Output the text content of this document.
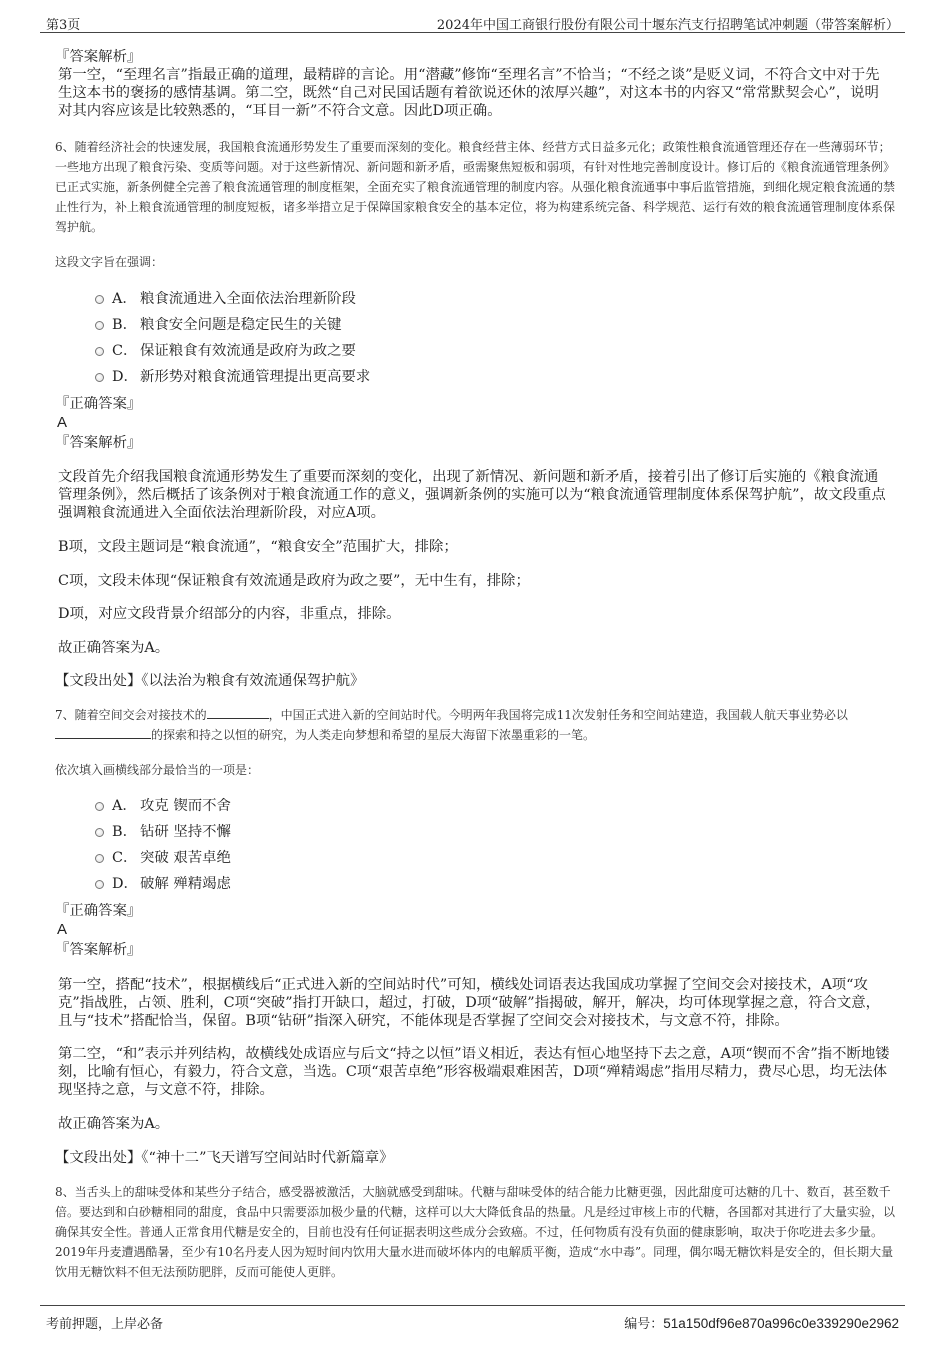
第3页	2024年中国工商银行股份有限公司十堰东汽支行招聘笔试冲刺题（带答案解析）
『答案解析』

第一空，“至理名言”指最正确的道理，最精辟的言论。用“潜藏”修饰“至理名言”不恰当；“不经之谈”是贬义词，不符合文中对于先生这本书的褒扬的感情基调。第二空，既然“自己对民国话题有着欲说还休的浓厚兴趣”，对这本书的内容又“常常默契会心”，说明对其内容应该是比较熟悉的，“耳目一新”不符合文意。因此D项正确。

6、随着经济社会的快速发展，我国粮食流通形势发生了重要而深刻的变化。粮食经营主体、经营方式日益多元化；政策性粮食流通管理还存在一些薄弱环节；一些地方出现了粮食污染、变质等问题。对于这些新情况、新问题和新矛盾，亟需聚焦短板和弱项，有针对性地完善制度设计。修订后的《粮食流通管理条例》已正式实施，新条例健全完善了粮食流通管理的制度框架，全面充实了粮食流通管理的制度内容。从强化粮食流通事中事后监管措施，到细化规定粮食流通的禁止性行为，补上粮食流通管理的制度短板，诸多举措立足于保障国家粮食安全的基本定位，将为构建系统完备、科学规范、运行有效的粮食流通管理制度体系保驾护航。

这段文字旨在强调：

A． 粮食流通进入全面依法治理新阶段
B． 粮食安全问题是稳定民生的关键
C． 保证粮食有效流通是政府为政之要
D． 新形势对粮食流通管理提出更高要求
『正确答案』
A
『答案解析』

文段首先介绍我国粮食流通形势发生了重要而深刻的变化，出现了新情况、新问题和新矛盾，接着引出了修订后实施的《粮食流通管理条例》，然后概括了该条例对于粮食流通工作的意义，强调新条例的实施可以为“粮食流通管理制度体系保驾护航”，故文段重点强调粮食流通进入全面依法治理新阶段，对应A项。

B项，文段主题词是“粮食流通”，“粮食安全”范围扩大，排除；

C项，文段未体现“保证粮食有效流通是政府为政之要”，无中生有，排除；

D项，对应文段背景介绍部分的内容，非重点，排除。

故正确答案为A。

【文段出处】《以法治为粮食有效流通保驾护航》

7、随着空间交会对接技术的	，中国正式进入新的空间站时代。今明两年我国将完成11次发射任务和空间站建造，我国载人航天事业势必以的探索和持之以恒的研究，为人类走向梦想和希望的星辰大海留下浓墨重彩的一笔。

依次填入画横线部分最恰当的一项是：

A． 攻克 锲而不舍
B． 钻研 坚持不懈
C． 突破 艰苦卓绝
D． 破解 殚精竭虑
『正确答案』
A
『答案解析』

第一空，搭配“技术”，根据横线后“正式进入新的空间站时代”可知，横线处词语表达我国成功掌握了空间交会对接技术，A项“攻克”指战胜，占领、胜利，C项“突破”指打开缺口，超过，打破，D项“破解”指揭破，解开，解决，均可体现掌握之意，符合文意，且与“技术”搭配恰当，保留。B项“钻研”指深入研究，不能体现是否掌握了空间交会对接技术，与文意不符，排除。

第二空，“和”表示并列结构，故横线处成语应与后文“持之以恒”语义相近，表达有恒心地坚持下去之意，A项“锲而不舍”指不断地镂刻，比喻有恒心，有毅力，符合文意，当选。C项“艰苦卓绝”形容极端艰难困苦，D项“殚精竭虑”指用尽精力，费尽心思，均无法体现坚持之意，与文意不符，排除。

故正确答案为A。

【文段出处】《“神十二”飞天谱写空间站时代新篇章》

8、当舌头上的甜味受体和某些分子结合，感受器被激活，大脑就感受到甜味。代糖与甜味受体的结合能力比糖更强，因此甜度可达糖的几十、数百，甚至数千倍。要达到和白砂糖相同的甜度，食品中只需要添加极少量的代糖，这样可以大大降低食品的热量。凡是经过审核上市的代糖，各国都对其进行了大量实验，以确保其安全性。普通人正常食用代糖是安全的，目前也没有任何证据表明这些成分会致癌。不过，任何物质有没有负面的健康影响，取决于你吃进去多少量。2019年丹麦遭遇酷暑，至少有10名丹麦人因为短时间内饮用大量水进而破坏体内的电解质平衡，造成“水中毒”。同理，偶尔喝无糖饮料是安全的，但长期大量饮用无糖饮料不但无法预防肥胖，反而可能使人更胖。

考前押题，上岸必备	编号：51a150df96e870a996c0e339290e2962
